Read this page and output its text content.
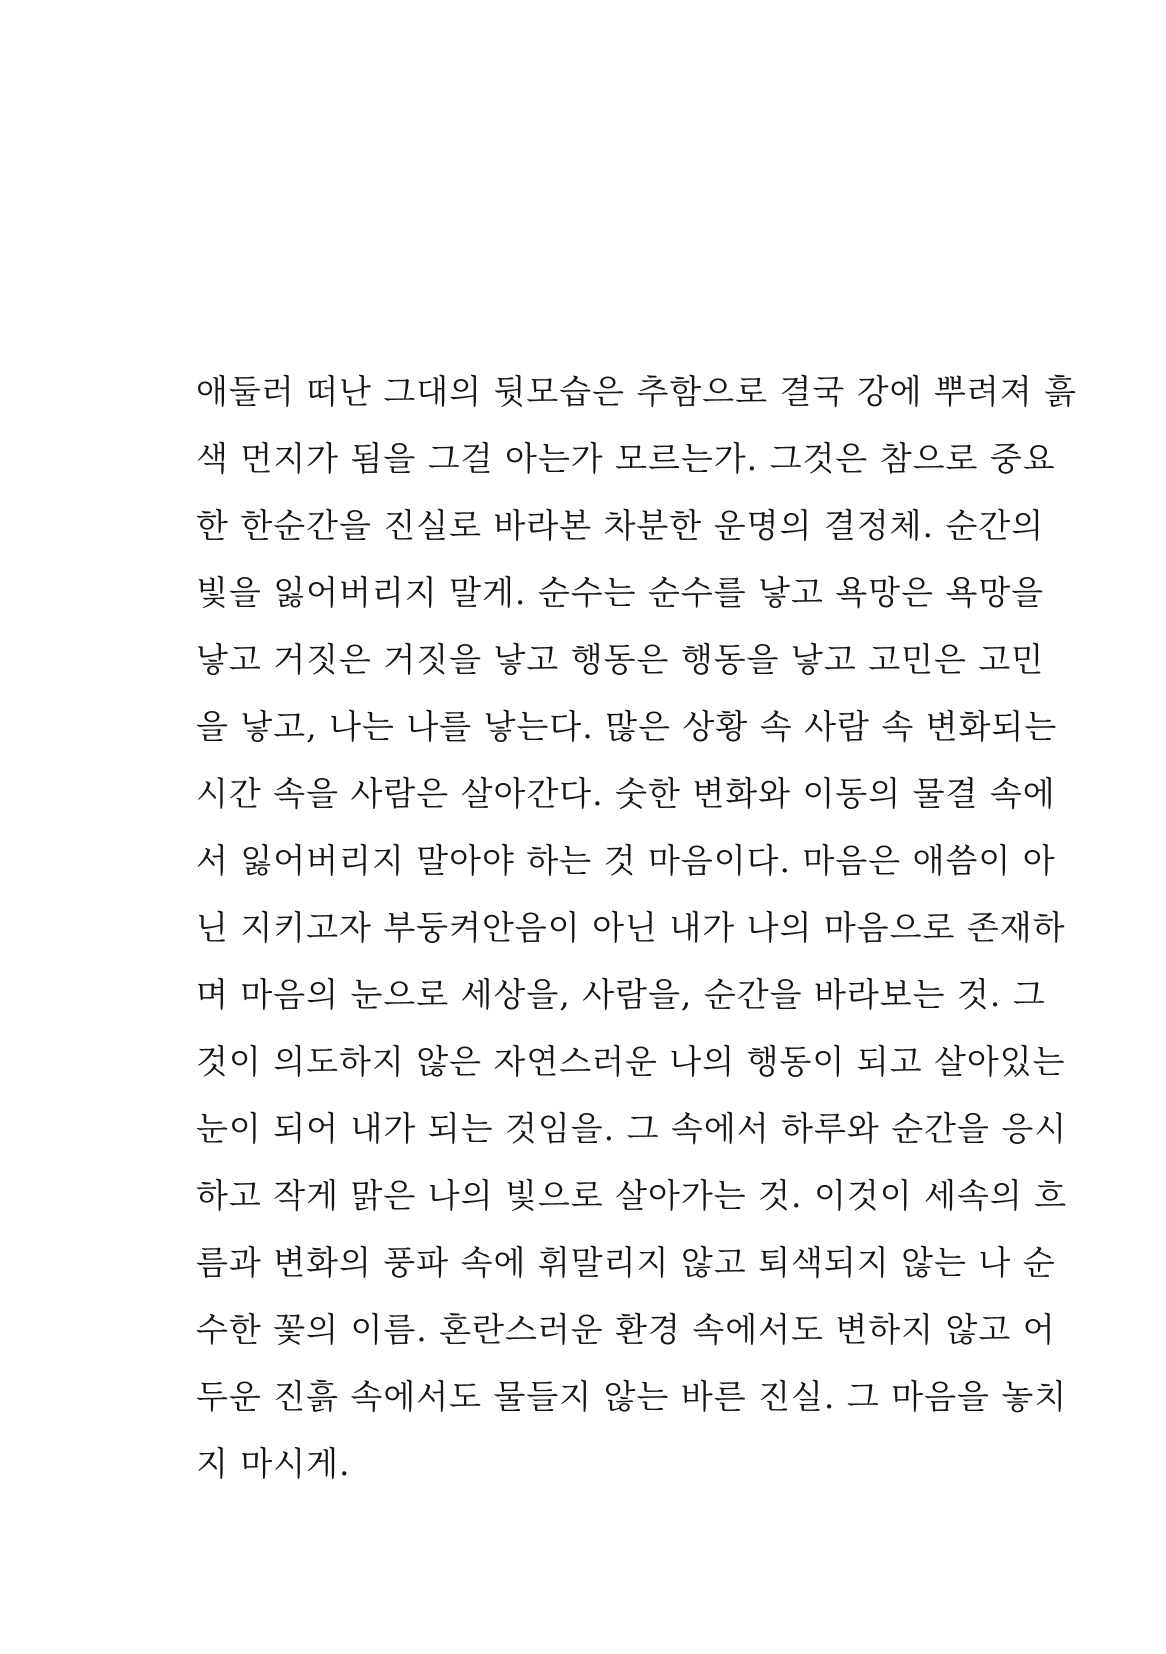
애둘러 떠난 그대의 뒷모습은 추함으로 결국 강에 뿌려져 흙
색 먼지가 됨을 그걸 아는가 모르는가. 그것은 참으로 중요
한 한순간을 진실로 바라본 차분한 운명의 결정체. 순간의
빛을 잃어버리지 말게. 순수는 순수를 낳고 욕망은 욕망을
낳고 거짓은 거짓을 낳고 행동은 행동을 낳고 고민은 고민
을 낳고, 나는 나를 낳는다. 많은 상황 속 사람 속 변화되는
시간 속을 사람은 살아간다. 숫한 변화와 이동의 물결 속에
서 잃어버리지 말아야 하는 것 마음이다. 마음은 애씀이 아
닌 지키고자 부둥켜안음이 아닌 내가 나의 마음으로 존재하
며 마음의 눈으로 세상을, 사람을, 순간을 바라보는 것. 그
것이 의도하지 않은 자연스러운 나의 행동이 되고 살아있는
눈이 되어 내가 되는 것임을. 그 속에서 하루와 순간을 응시
하고 작게 맑은 나의 빛으로 살아가는 것. 이것이 세속의 흐
름과 변화의 풍파 속에 휘말리지 않고 퇴색되지 않는 나 순
수한 꽃의 이름. 혼란스러운 환경 속에서도 변하지 않고 어
두운 진흙 속에서도 물들지 않는 바른 진실. 그 마음을 놓치
지 마시게.
